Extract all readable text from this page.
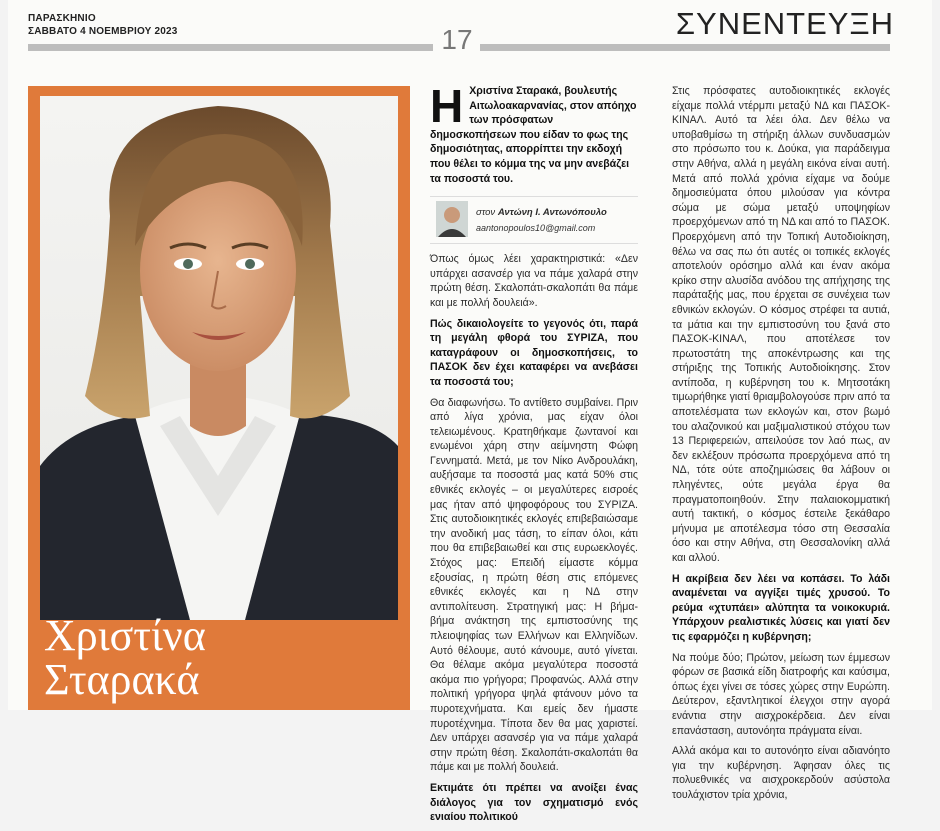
ΠΑΡΑΣΚΗΝΙΟ
ΣΑΒΒΑΤΟ 4 ΝΟΕΜΒΡΙΟΥ 2023	ΣΥΝΕΝΤΕΥΞΗ
17
Χριστίνα
Σταρακά
Η Χριστίνα Σταρακά, βουλευτής Αιτωλοακαρνανίας, στον απόηχο των πρόσφατων δημοσκοπήσεων που είδαν το φως της δημοσιότητας, απορρίπτει την εκδοχή που θέλει το κόμμα της να μην ανεβάζει τα ποσοστά του.
στον Αντώνη Ι. Αντωνόπουλο
aantonopoulos10@gmail.com

Όπως όμως λέει χαρακτηριστικά: «Δεν υπάρχει ασανσέρ για να πάμε χαλαρά στην πρώτη θέση. Σκαλοπάτι-σκαλοπάτι θα πάμε και με πολλή δουλειά».

Πώς δικαιολογείτε το γεγονός ότι, παρά τη μεγάλη φθορά του ΣΥΡΙΖΑ, που καταγράφουν οι δημοσκοπήσεις, το ΠΑΣΟΚ δεν έχει καταφέρει να ανεβάσει τα ποσοστά του;

Θα διαφωνήσω. Το αντίθετο συμβαίνει. Πριν από λίγα χρόνια, μας είχαν όλοι τελειωμένους. Κρατηθήκαμε ζωντανοί και ενωμένοι χάρη στην αείμνηστη Φώφη Γεννηματά. Μετά, με τον Νίκο Ανδρουλάκη, αυξήσαμε τα ποσοστά μας κατά 50% στις εθνικές εκλογές – οι μεγαλύτερες εισροές μας ήταν από ψηφοφόρους του ΣΥΡΙΖΑ. Στις αυτοδιοικητικές εκλογές επιβεβαιώσαμε την ανοδική μας τάση, το είπαν όλοι, κάτι που θα επιβεβαιωθεί και στις ευρωεκλογές. Στόχος μας: Επειδή είμαστε κόμμα εξουσίας, η πρώτη θέση στις επόμενες εθνικές εκλογές και η ΝΔ στην αντιπολίτευση. Στρατηγική μας: Η βήμα-βήμα ανάκτηση της εμπιστοσύνης της πλειοψηφίας των Ελλήνων και Ελληνίδων. Αυτό θέλουμε, αυτό κάνουμε, αυτό γίνεται. Θα θέλαμε ακόμα μεγαλύτερα ποσοστά ακόμα πιο γρήγορα; Προφανώς. Αλλά στην πολιτική γρήγορα ψηλά φτάνουν μόνο τα πυροτεχνήματα. Και εμείς δεν ήμαστε πυροτέχνημα. Τίποτα δεν θα μας χαριστεί. Δεν υπάρχει ασανσέρ για να πάμε χαλαρά στην πρώτη θέση. Σκαλοπάτι-σκαλοπάτι θα πάμε και με πολλή δουλειά.

Εκτιμάτε ότι πρέπει να ανοίξει ένας διάλογος για τον σχηματισμό ενός ενιαίου πολιτικού

Στις πρόσφατες αυτοδιοικητικές εκλογές είχαμε πολλά ντέρμπι μεταξύ ΝΔ και ΠΑΣΟΚ-ΚΙΝΑΛ. Αυτό τα λέει όλα. Δεν θέλω να υποβαθμίσω τη στήριξη άλλων συνδυασμών στο πρόσωπο του κ. Δούκα, για παράδειγμα στην Αθήνα, αλλά η μεγάλη εικόνα είναι αυτή. Μετά από πολλά χρόνια είχαμε να δούμε δημοσιεύματα όπου μιλούσαν για κόντρα σώμα με σώμα μεταξύ υποψηφίων προερχόμενων από τη ΝΔ και από το ΠΑΣΟΚ. Προερχόμενη από την Τοπική Αυτοδιοίκηση, θέλω να σας πω ότι αυτές οι τοπικές εκλογές αποτελούν ορόσημο αλλά και έναν ακόμα κρίκο στην αλυσίδα ανόδου της απήχησης της παράταξής μας, που έρχεται σε συνέχεια των εθνικών εκλογών. Ο κόσμος στρέφει τα αυτιά, τα μάτια και την εμπιστοσύνη του ξανά στο ΠΑΣΟΚ-ΚΙΝΑΛ, που αποτέλεσε τον πρωτοστάτη της αποκέντρωσης και της στήριξης της Τοπικής Αυτοδιοίκησης. Στον αντίποδα, η κυβέρνηση του κ. Μητσοτάκη τιμωρήθηκε γιατί θριαμβολογούσε πριν από τα αποτελέσματα των εκλογών και, στον βωμό του αλαζονικού και μαξιμαλιστικού στόχου των 13 Περιφερειών, απειλούσε τον λαό πως, αν δεν εκλέξουν πρόσωπα προερχόμενα από τη ΝΔ, τότε ούτε αποζημιώσεις θα λάβουν οι πληγέντες, ούτε μεγάλα έργα θα πραγματοποιηθούν. Στην παλαιοκομματική αυτή τακτική, ο κόσμος έστειλε ξεκάθαρο μήνυμα με αποτέλεσμα τόσο στη Θεσσαλία όσο και στην Αθήνα, στη Θεσσαλονίκη αλλά και αλλού.

Η ακρίβεια δεν λέει να κοπάσει. Το λάδι αναμένεται να αγγίξει τιμές χρυσού. Το ρεύμα «χτυπάει» αλύπητα τα νοικοκυριά. Υπάρχουν ρεαλιστικές λύσεις και γιατί δεν τις εφαρμόζει η κυβέρνηση;

Να πούμε δύο; Πρώτον, μείωση των έμμεσων φόρων σε βασικά είδη διατροφής και καύσιμα, όπως έχει γίνει σε τόσες χώρες στην Ευρώπη. Δεύτερον, εξαντλητικοί έλεγχοι στην αγορά ενάντια στην αισχροκέρδεια. Δεν είναι επανάσταση, αυτονόητα πράγματα είναι.

Αλλά ακόμα και το αυτονόητο είναι αδιανόητο για την κυβέρνηση. Άφησαν όλες τις πολυεθνικές να αισχροκερδούν ασύστολα τουλάχιστον τρία χρόνια,
